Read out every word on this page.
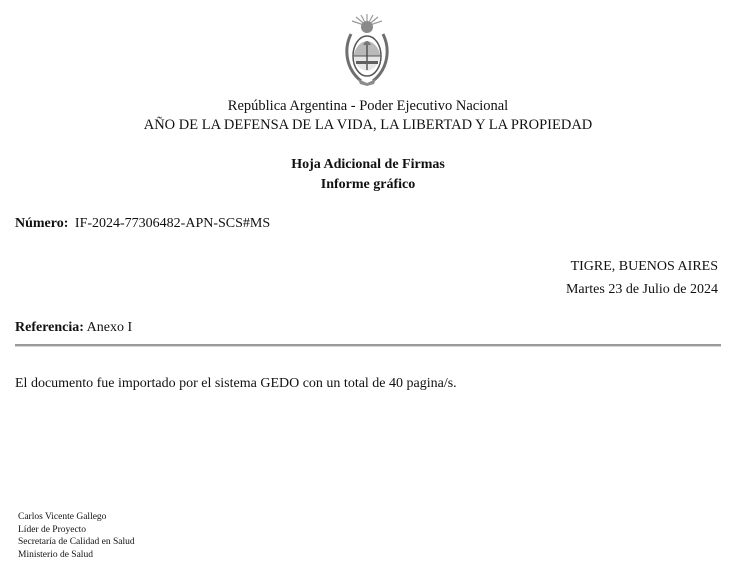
República Argentina - Poder Ejecutivo Nacional
AÑO DE LA DEFENSA DE LA VIDA, LA LIBERTAD Y LA PROPIEDAD
Hoja Adicional de Firmas
Informe gráfico
Número: IF-2024-77306482-APN-SCS#MS
TIGRE, BUENOS AIRES
Martes 23 de Julio de 2024
Referencia: Anexo I
El documento fue importado por el sistema GEDO con un total de 40 pagina/s.
Carlos Vicente Gallego
Líder de Proyecto
Secretaría de Calidad en Salud
Ministerio de Salud
